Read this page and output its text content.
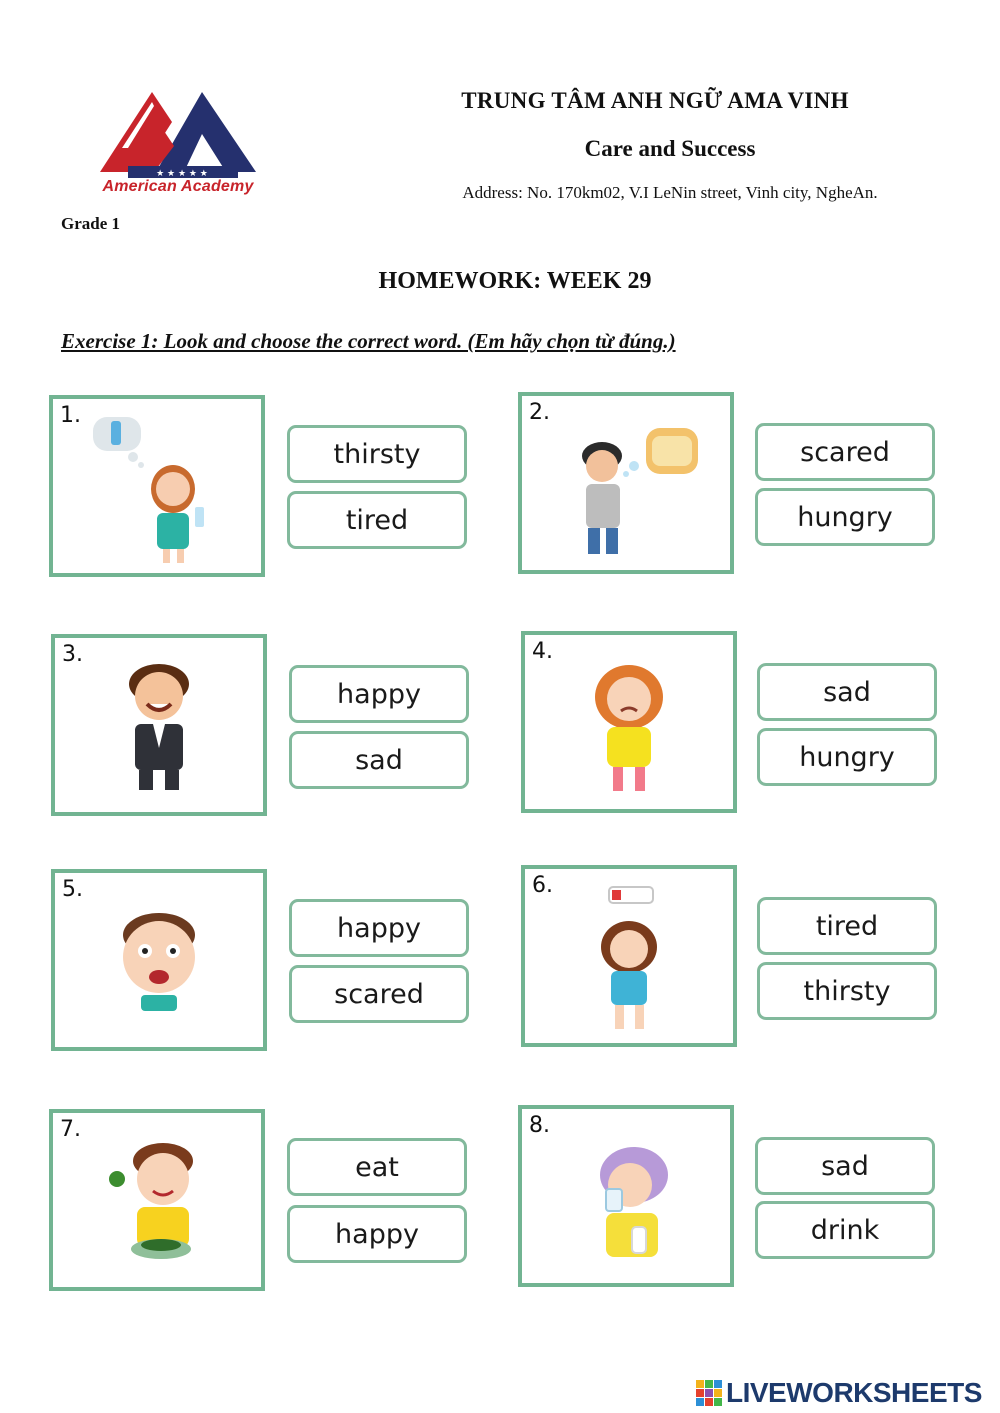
★ ★ ★ ★ ★
American Academy
Grade 1
TRUNG TÂM ANH NGỮ AMA VINH
Care and Success
Address: No. 170km02, V.I LeNin street, Vinh city, NgheAn.
HOMEWORK: WEEK 29
Exercise 1: Look and choose the correct word. (Em hãy chọn từ đúng.)
1.
thirsty
tired
2.
scared
hungry
3.
happy
sad
4.
sad
hungry
5.
happy
scared
6.
tired
thirsty
7.
eat
happy
8.
sad
drink
LIVEWORKSHEETS
